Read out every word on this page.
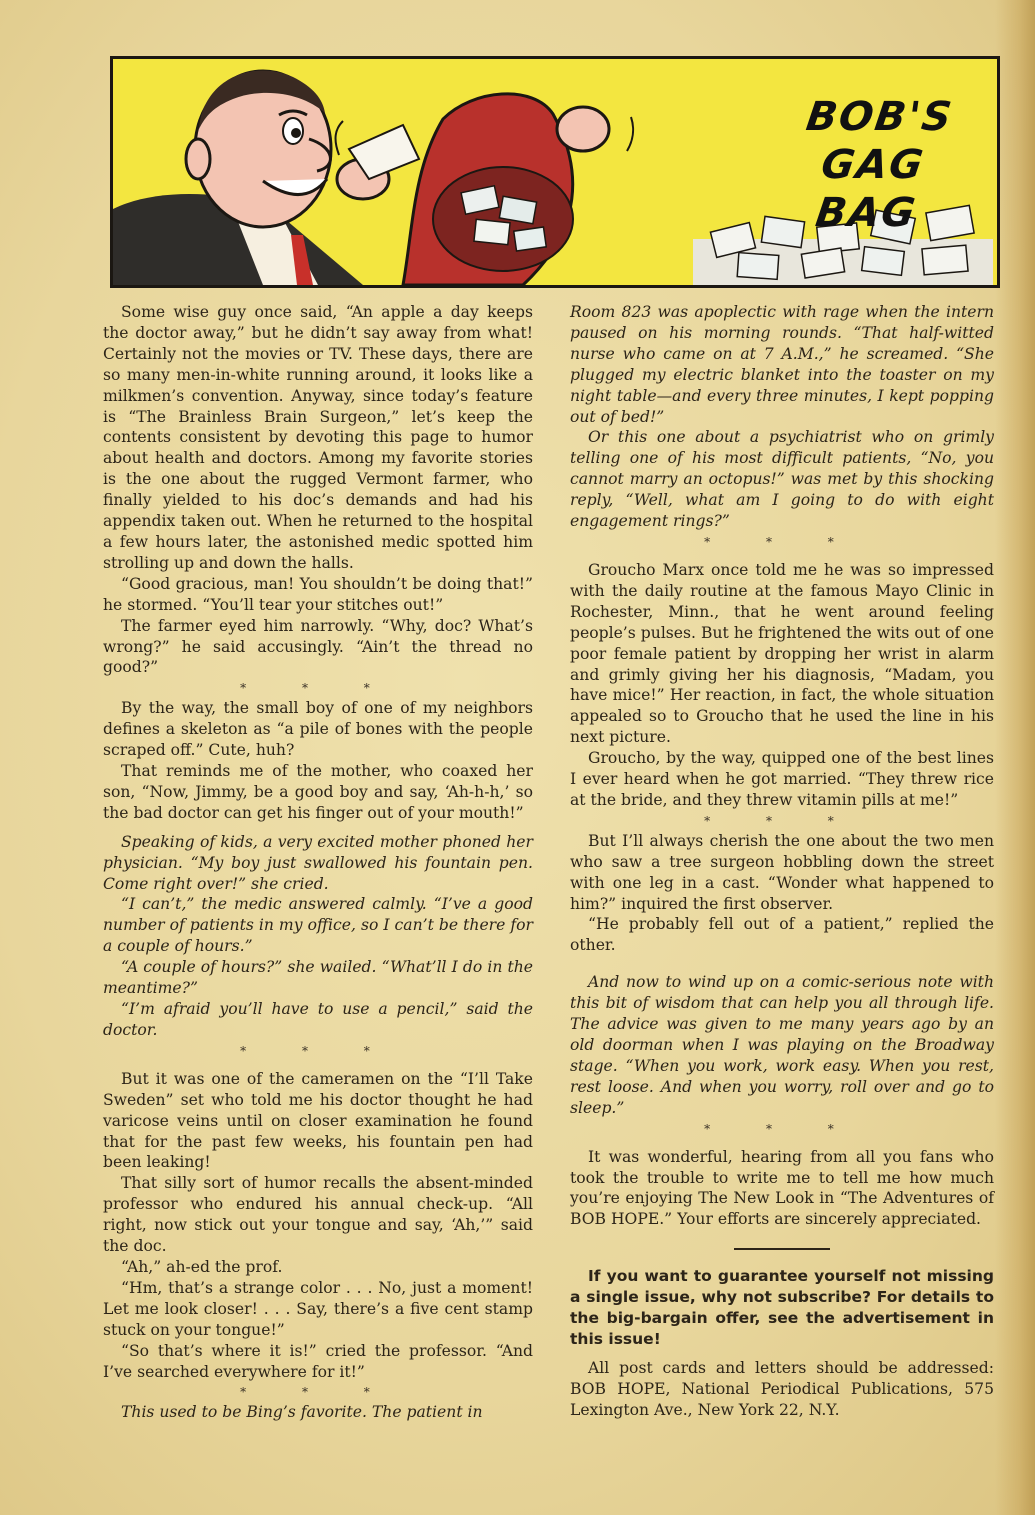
BOB'S
GAG BAG

Some wise guy once said, “An apple a day keeps the doctor away,” but he didn’t say away from what! Certainly not the movies or TV. These days, there are so many men-in-white running around, it looks like a milkmen’s convention. Anyway, since today’s feature is “The Brainless Brain Surgeon,” let’s keep the contents consistent by devoting this page to humor about health and doctors. Among my favorite stories is the one about the rugged Vermont farmer, who finally yielded to his doc’s demands and had his appendix taken out. When he returned to the hospital a few hours later, the astonished medic spotted him strolling up and down the halls.

“Good gracious, man! You shouldn’t be doing that!” he stormed. “You’ll tear your stitches out!”

The farmer eyed him narrowly. “Why, doc? What’s wrong?” he said accusingly. “Ain’t the thread no good?”

* * *

By the way, the small boy of one of my neighbors defines a skeleton as “a pile of bones with the people scraped off.” Cute, huh?

That reminds me of the mother, who coaxed her son, “Now, Jimmy, be a good boy and say, ‘Ah-h-h,’ so the bad doctor can get his finger out of your mouth!”

Speaking of kids, a very excited mother phoned her physician. “My boy just swallowed his fountain pen. Come right over!” she cried.

“I can’t,” the medic answered calmly. “I’ve a good number of patients in my office, so I can’t be there for a couple of hours.”

“A couple of hours?” she wailed. “What’ll I do in the meantime?”

“I’m afraid you’ll have to use a pencil,” said the doctor.

* * *

But it was one of the cameramen on the “I’ll Take Sweden” set who told me his doctor thought he had varicose veins until on closer examination he found that for the past few weeks, his fountain pen had been leaking!

That silly sort of humor recalls the absent-minded professor who endured his annual check-up. “All right, now stick out your tongue and say, ‘Ah,’” said the doc.

“Ah,” ah-ed the prof.

“Hm, that’s a strange color . . . No, just a moment! Let me look closer! . . . Say, there’s a five cent stamp stuck on your tongue!”

“So that’s where it is!” cried the professor. “And I’ve searched everywhere for it!”

* * *

This used to be Bing’s favorite. The patient in

Room 823 was apoplectic with rage when the intern paused on his morning rounds. “That half-witted nurse who came on at 7 A.M.,” he screamed. “She plugged my electric blanket into the toaster on my night table—and every three minutes, I kept popping out of bed!”

Or this one about a psychiatrist who on grimly telling one of his most difficult patients, “No, you cannot marry an octopus!” was met by this shocking reply, “Well, what am I going to do with eight engagement rings?”

* * *

Groucho Marx once told me he was so impressed with the daily routine at the famous Mayo Clinic in Rochester, Minn., that he went around feeling people’s pulses. But he frightened the wits out of one poor female patient by dropping her wrist in alarm and grimly giving her his diagnosis, “Madam, you have mice!” Her reaction, in fact, the whole situation appealed so to Groucho that he used the line in his next picture.

Groucho, by the way, quipped one of the best lines I ever heard when he got married. “They threw rice at the bride, and they threw vitamin pills at me!”

* * *

But I’ll always cherish the one about the two men who saw a tree surgeon hobbling down the street with one leg in a cast. “Wonder what happened to him?” inquired the first observer.

“He probably fell out of a patient,” replied the other.

And now to wind up on a comic-serious note with this bit of wisdom that can help you all through life. The advice was given to me many years ago by an old doorman when I was playing on the Broadway stage. “When you work, work easy. When you rest, rest loose. And when you worry, roll over and go to sleep.”

* * *

It was wonderful, hearing from all you fans who took the trouble to write me to tell me how much you’re enjoying The New Look in “The Adventures of BOB HOPE.” Your efforts are sincerely appreciated.

If you want to guarantee yourself not missing a single issue, why not subscribe? For details to the big-bargain offer, see the advertisement in this issue!

All post cards and letters should be addressed: BOB HOPE, National Periodical Publications, 575 Lexington Ave., New York 22, N.Y.
